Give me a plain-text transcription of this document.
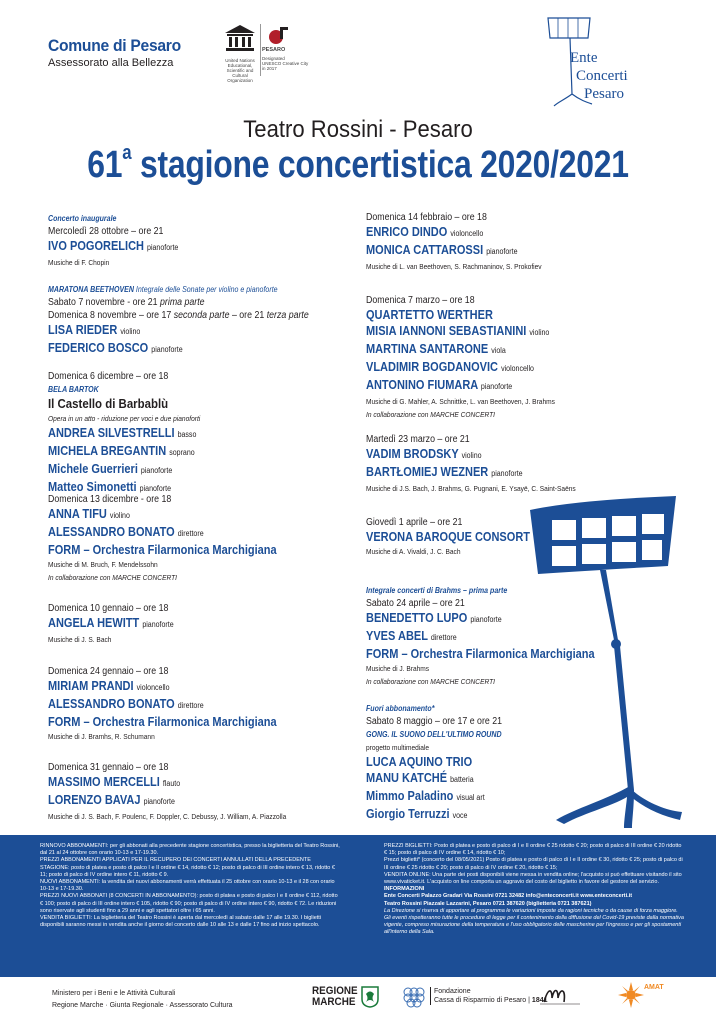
Comune di Pesaro
Assessorato alla Bellezza	United Nations
Educational, Scientific and
Cultural Organization
PESARO
Designated
UNESCO Creative City
in 2017
Ente
Concerti
Pesaro
Teatro Rossini - Pesaro
61$^a$ stagione concertistica 2020/2021
Concerto inaugurale
Mercoledì 28 ottobre – ore 21
IVO POGORELICH pianoforte
Musiche di F. Chopin
MARATONA BEETHOVEN Integrale delle Sonate per violino e pianoforte
Sabato 7 novembre - ore 21 prima parte
Domenica 8 novembre – ore 17 seconda parte – ore 21 terza parte
LISA RIEDER violino
FEDERICO BOSCO pianoforte
Domenica 6 dicembre – ore 18
BELA BARTOK
Il Castello di Barbablù
Opera in un atto - riduzione per voci e due pianoforti
ANDREA SILVESTRELLI basso
MICHELA BREGANTIN soprano
Michele Guerrieri pianoforte
Matteo Simonetti pianoforte
Domenica 13 dicembre - ore 18
ANNA TIFU violino
ALESSANDRO BONATO direttore
FORM – Orchestra Filarmonica Marchigiana
Musiche di M. Bruch, F. Mendelssohn
In collaborazione con MARCHE CONCERTI
Domenica 10 gennaio – ore 18
ANGELA HEWITT pianoforte
Musiche di J. S. Bach
Domenica 24 gennaio – ore 18
MIRIAM PRANDI violoncello
ALESSANDRO BONATO direttore
FORM – Orchestra Filarmonica Marchigiana
Musiche di J. Bramhs, R. Schumann
Domenica 31 gennaio – ore 18
MASSIMO MERCELLI flauto
LORENZO BAVAJ pianoforte
Musiche di J. S. Bach, F. Poulenc, F. Doppler, C. Debussy, J. William, A. Piazzolla
Domenica 14 febbraio – ore 18
ENRICO DINDO violoncello
MONICA CATTAROSSI pianoforte
Musiche di L. van Beethoven, S. Rachmaninov, S. Prokofiev
Domenica 7 marzo – ore 18
QUARTETTO WERTHER
MISIA IANNONI SEBASTIANINI violino
MARTINA SANTARONE viola
VLADIMIR BOGDANOVIC violoncello
ANTONINO FIUMARA pianoforte
Musiche di G. Mahler, A. Schnittke, L. van Beethoven, J. Brahms
In collaborazione con MARCHE CONCERTI
Martedì 23 marzo – ore 21
VADIM BRODSKY violino
BARTŁOMIEJ WEZNER pianoforte
Musiche di J.S. Bach, J. Brahms, G. Pugnani, E. Ysayë, C. Saint-Saëns
Giovedì 1 aprile – ore 21
VERONA BAROQUE CONSORT
Musiche di A. Vivaldi, J. C. Bach
Integrale concerti di Brahms – prima parte
Sabato 24 aprile – ore 21
BENEDETTO LUPO pianoforte
YVES ABEL direttore
FORM – Orchestra Filarmonica Marchigiana
Musiche di J. Brahms
In collaborazione con MARCHE CONCERTI
Fuori abbonamento*
Sabato 8 maggio – ore 17 e ore 21
GONG. IL SUONO DELL'ULTIMO ROUND
progetto multimediale
LUCA AQUINO TRIO
MANU KATCHÉ batteria
Mimmo Paladino visual art
Giorgio Terruzzi voce
RINNOVO ABBONAMENTI: per gli abbonati alla precedente stagione concertistica, presso la biglietteria del Teatro Rossini, dal 21 al 24 ottobre con orario 10-13 e 17-19.30.
PREZZI ABBONAMENTI APPLICATI PER IL RECUPERO DEI CONCERTI ANNULLATI DELLA PRECEDENTE STAGIONE: posto di platea e posto di palco I e II ordine € 14, ridotto € 12; posto di palco di III ordine intero € 13, ridotto € 11; posto di palco di IV ordine intero € 11, ridotto € 9.
NUOVI ABBONAMENTI: la vendita dei nuovi abbonamenti verrà effettuata il 25 ottobre con orario 10-13 e il 28 con orario 10-13 e 17-19.30.
PREZZI NUOVI ABBONATI (8 CONCERTI IN ABBONAMENTO): posto di platea e posto di palco I e II ordine € 112, ridotto € 100; posto di palco di III ordine intero € 105, ridotto € 90; posto di palco di IV ordine intero € 90, ridotto € 72. Le riduzioni sono riservate agli studenti fino a 29 anni e agli spettatori oltre i 65 anni.
VENDITA BIGLIETTI: La biglietteria del Teatro Rossini è aperta dal mercoledì al sabato dalle 17 alle 19.30. I biglietti disponibili saranno messi in vendita anche il giorno del concerto dalle 10 alle 13 e dalle 17 fino ad inizio spettacolo.
PREZZI BIGLIETTI: Posto di platea e posto di palco di I e II ordine € 25 ridotto € 20; posto di palco di III ordine € 20 ridotto € 15; posto di palco di IV ordine € 14, ridotto € 10;
Prezzi biglietti* (concerto del 08/05/2021) Posto di platea e posto di palco di I e II ordine € 30, ridotto € 25; posto di palco di III ordine € 25 ridotto € 20; posto di palco di IV ordine € 20, ridotto € 15;
VENDITA ONLINE: Una parte dei posti disponibili viene messa in vendita online; l'acquisto si può effettuare visitando il sito www.vivaticket.it. L'acquisto on line comporta un aggravio del costo del biglietto in favore del gestore del servizio.
INFORMAZIONI
Ente Concerti Palazzo Gradari Via Rossini 0721 32482 info@enteconcerti.it www.enteconcerti.it
Teatro Rossini Piazzale Lazzarini, Pesaro 0721 387620 (biglietteria 0721 387621)
La Direzione si riserva di apportare al programma le variazioni imposte da ragioni tecniche o da cause di forza maggiore. Gli eventi rispetteranno tutte le procedure di legge per il contenimento della diffusione del Covid-19 previste dalla normativa vigente, compreso misurazione della temperatura e l'uso obbligatorio delle mascherine per l'ingresso e per gli spostamenti all'interno della Sala.
Ministero per i Beni e le Attività Culturali
Regione Marche · Giunta Regionale · Assessorato Cultura
REGIONE
MARCHE
Fondazione
Cassa di Risparmio di Pesaro | 1841
AMAT
